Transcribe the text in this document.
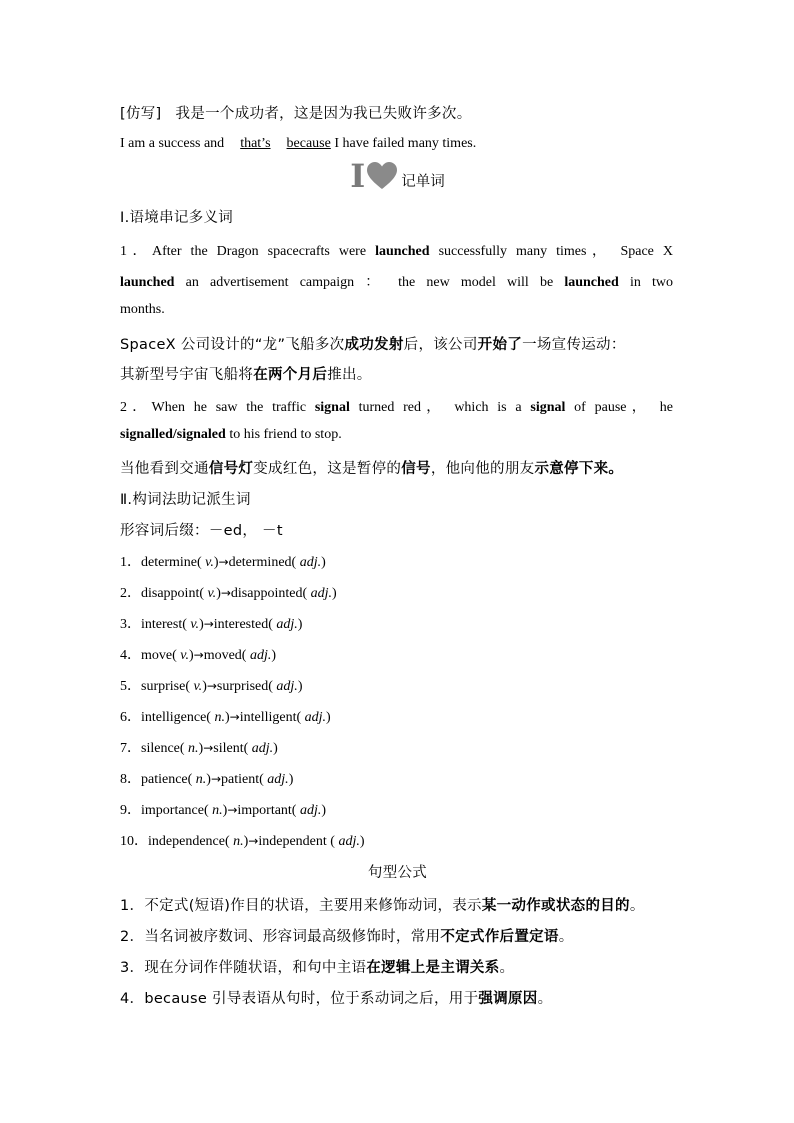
[仿写] 我是一个成功者，这是因为我已失败许多次。
I am a success and that’s because I have failed many times.
I 记单词
Ⅰ.语境串记多义词
1．After the Dragon spacecrafts were launched successfully many times， Space X
launched an advertisement campaign ： the new model will be launched in two
months.
SpaceX 公司设计的“龙”飞船多次成功发射后，该公司开始了一场宣传运动：
其新型号宇宙飞船将在两个月后推出。
2．When he saw the traffic signal turned red， which is a signal of pause， he
signalled/signaled to his friend to stop.
当他看到交通信号灯变成红色，这是暂停的信号，他向他的朋友示意停下来。
Ⅱ.构词法助记派生词
形容词后缀：－ed， －t
1．determine( v.)→determined( adj.)
2．disappoint( v.)→disappointed( adj.)
3．interest( v.)→interested( adj.)
4．move( v.)→moved( adj.)
5．surprise( v.)→surprised( adj.)
6．intelligence( n.)→intelligent( adj.)
7．silence( n.)→silent( adj.)
8．patience( n.)→patient( adj.)
9．importance( n.)→important( adj.)
10．independence( n.)→independent ( adj.)
句型公式
1．不定式(短语)作目的状语，主要用来修饰动词，表示某一动作或状态的目的。
2．当名词被序数词、形容词最高级修饰时，常用不定式作后置定语。
3．现在分词作伴随状语，和句中主语在逻辑上是主谓关系。
4．because 引导表语从句时，位于系动词之后，用于强调原因。
